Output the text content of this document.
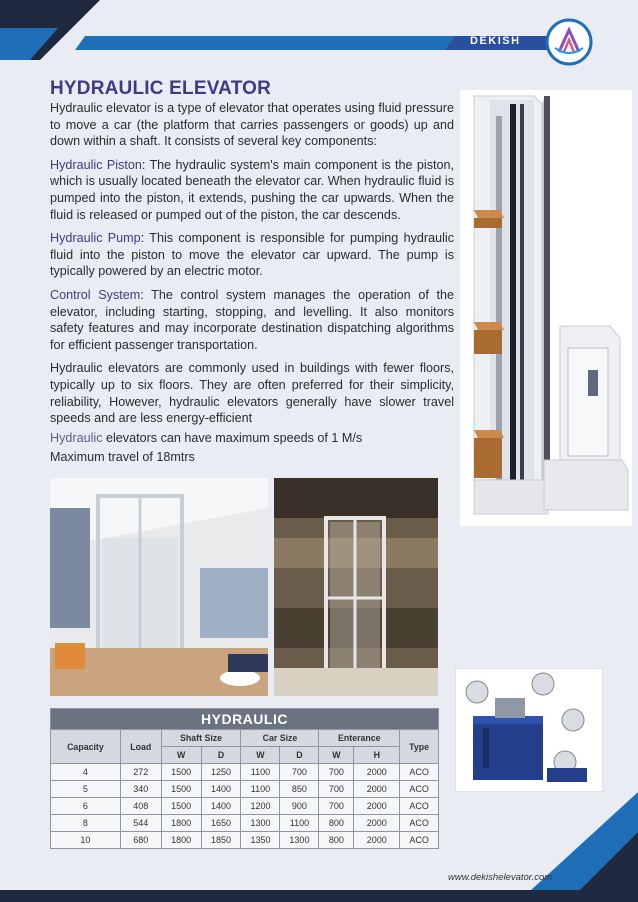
DEKISH
HYDRAULIC ELEVATOR

Hydraulic elevator is a type of elevator that operates using fluid pressure to move a car (the platform that carries passengers or goods) up and down within a shaft. It consists of several key components:

Hydraulic Piston: The hydraulic system's main component is the piston, which is usually located beneath the elevator car. When hydraulic fluid is pumped into the piston, it extends, pushing the car upwards. When the fluid is released or pumped out of the piston, the car descends.

Hydraulic Pump: This component is responsible for pumping hydraulic fluid into the piston to move the elevator car upward. The pump is typically powered by an electric motor.

Control System: The control system manages the operation of the elevator, including starting, stopping, and levelling. It also monitors safety features and may incorporate destination dispatching algorithms for efficient passenger transportation.

Hydraulic elevators are commonly used in buildings with fewer floors, typically up to six floors. They are often preferred for their simplicity, reliability, However, hydraulic elevators generally have slower travel speeds and are less energy-efficient

Hydraulic elevators can have maximum speeds of 1 M/s

Maximum travel of 18mtrs

HYDRAULIC								
Capacity	Load	Shaft Size		Car Size		Enterance		Type
		W	D	W	D	W	H	
4	272	1500	1250	1100	700	700	2000	ACO
5	340	1500	1400	1100	850	700	2000	ACO
6	408	1500	1400	1200	900	700	2000	ACO
8	544	1800	1650	1300	1100	800	2000	ACO
10	680	1800	1850	1350	1300	800	2000	ACO
www.dekishelevator.com
